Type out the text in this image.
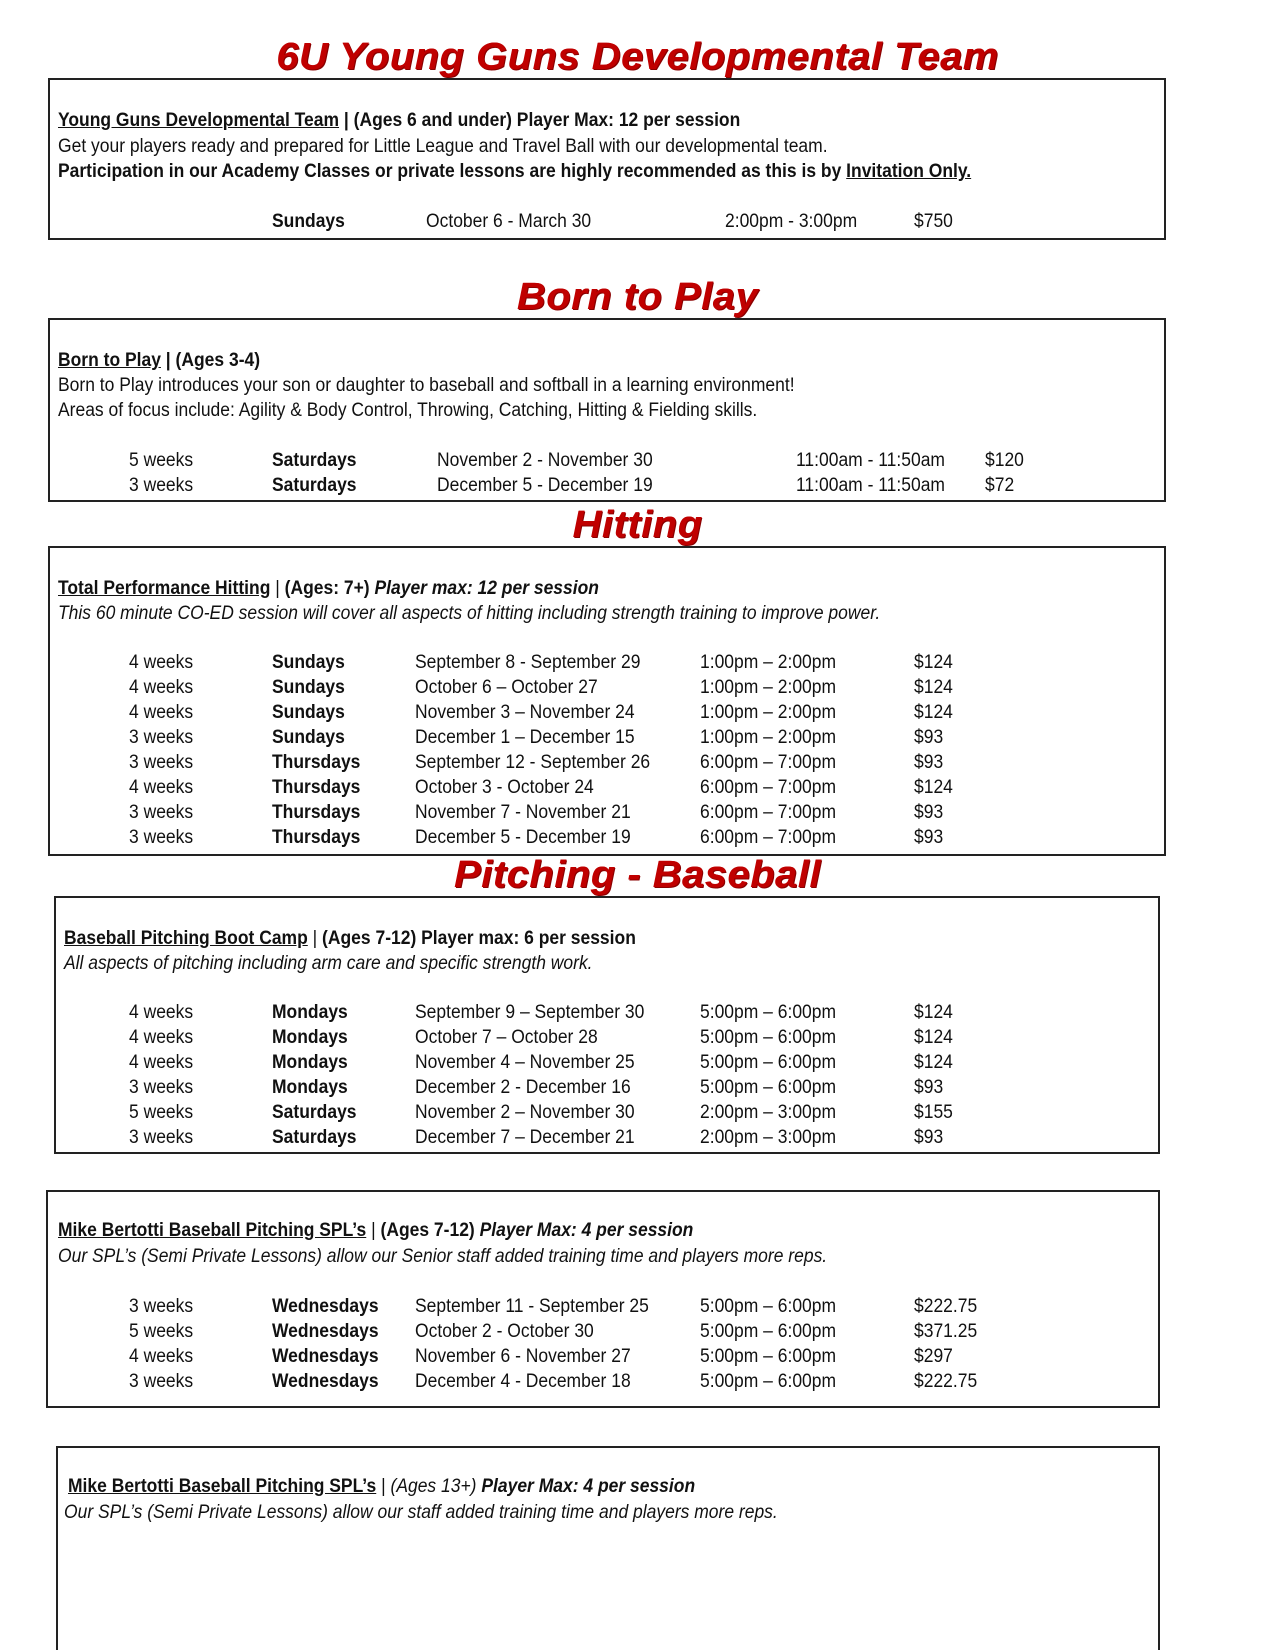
6U Young Guns Developmental Team
Young Guns Developmental Team | (Ages 6 and under) Player Max: 12 per session
Get your players ready and prepared for Little League and Travel Ball with our developmental team.
Participation in our Academy Classes or private lessons are highly recommended as this is by Invitation Only.
Sundays	October 6 - March 30	2:00pm - 3:00pm	$750
Born to Play
Born to Play | (Ages 3-4)
Born to Play introduces your son or daughter to baseball and softball in a learning environment!
Areas of focus include: Agility & Body Control, Throwing, Catching, Hitting & Fielding skills.
5 weeks	Saturdays	November 2 - November 30	11:00am - 11:50am $120
3 weeks	Saturdays	December 5 - December 19	11:00am - 11:50am $72
Hitting
Total Performance Hitting | (Ages: 7+) Player max: 12 per session
This 60 minute CO-ED session will cover all aspects of hitting including strength training to improve power.
4 weeks	Sundays	September 8 - September 29	1:00pm – 2:00pm	$124
4 weeks	Sundays	October 6 – October 27	1:00pm – 2:00pm	$124
4 weeks	Sundays	November 3 – November 24	1:00pm – 2:00pm	$124
3 weeks	Sundays	December 1 – December 15	1:00pm – 2:00pm	$93
3 weeks	Thursdays	September 12 - September 26	6:00pm – 7:00pm	$93
4 weeks	Thursdays	October 3 - October 24	6:00pm – 7:00pm	$124
3 weeks	Thursdays	November 7 - November 21	6:00pm – 7:00pm	$93
3 weeks	Thursdays	December 5 - December 19	6:00pm – 7:00pm	$93
Pitching - Baseball
Baseball Pitching Boot Camp | (Ages 7-12) Player max: 6 per session
All aspects of pitching including arm care and specific strength work.
4 weeks	Mondays	September 9 – September 30	5:00pm – 6:00pm	$124
4 weeks	Mondays	October 7 – October 28	5:00pm – 6:00pm	$124
4 weeks	Mondays	November 4 – November 25	5:00pm – 6:00pm	$124
3 weeks	Mondays	December 2 - December 16	5:00pm – 6:00pm	$93
5 weeks	Saturdays	November 2 – November 30	2:00pm – 3:00pm	$155
3 weeks	Saturdays	December 7 – December 21	2:00pm – 3:00pm	$93
Mike Bertotti Baseball Pitching SPL’s | (Ages 7-12) Player Max: 4 per session
Our SPL’s (Semi Private Lessons) allow our Senior staff added training time and players more reps.
3 weeks	Wednesdays September 11 - September 25	5:00pm – 6:00pm	$222.75
5 weeks	Wednesdays October 2 - October 30	5:00pm – 6:00pm	$371.25
4 weeks	Wednesdays November 6 - November 27	5:00pm – 6:00pm	$297
3 weeks	Wednesdays December 4 - December 18	5:00pm – 6:00pm	$222.75
Mike Bertotti Baseball Pitching SPL’s | (Ages 13+) Player Max: 4 per session
Our SPL’s (Semi Private Lessons) allow our staff added training time and players more reps.
